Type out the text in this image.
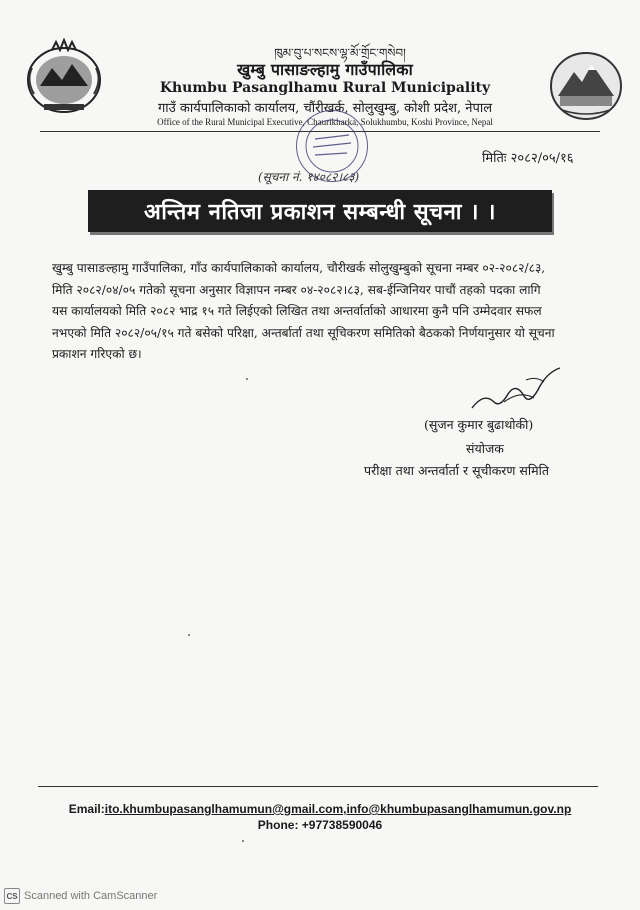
ཁུམ་བུ་པ་སངས་ལྷ་མོ་གྲོང་གསེབ།
खुम्बु पासाङल्हामु गाउँपालिका
Khumbu Pasanglhamu Rural Municipality
गाउँ कार्यपालिकाको कार्यालय, चौंरीखर्क, सोलुखुम्बु, कोशी प्रदेश, नेपाल
Office of the Rural Municipal Executive, Chaurikharka, Solukhumbu, Koshi Province, Nepal
(सूचना नं. १४०८२।८३)
मितिः २०८२/०५/१६
अन्तिम नतिजा प्रकाशन सम्बन्धी सूचना । ।
खुम्बु पासाङल्हामु गाउँपालिका, गाँउ कार्यपालिकाको कार्यालय, चौरीखर्क सोलुखुम्बुको सूचना नम्बर ०२-२०८२/८३,
मिति २०८२/०४/०५ गतेको सूचना अनुसार विज्ञापन नम्बर ०४-२०८२।८३, सब-ईन्जिनियर पाचौं तहको पदका लागि
यस कार्यालयको मिति २०८२ भाद्र १५ गते लिईएको लिखित तथा अन्तर्वार्ताको आधारमा कुनै पनि उम्मेदवार सफल
नभएको मिति २०८२/०५/१५ गते बसेको परिक्षा, अन्तर्बार्ता तथा सूचिकरण समितिको बैठकको निर्णयानुसार यो सूचना
प्रकाशन गरिएको छ।
(सुजन कुमार बुढाथोकी)
संयोजक
परीक्षा तथा अन्तर्वार्ता र सूचीकरण समिति
Email:ito.khumbupasanglhamumun@gmail.com,info@khumbupasanglhamumun.gov.np
Phone: +97738590046
CS Scanned with CamScanner
